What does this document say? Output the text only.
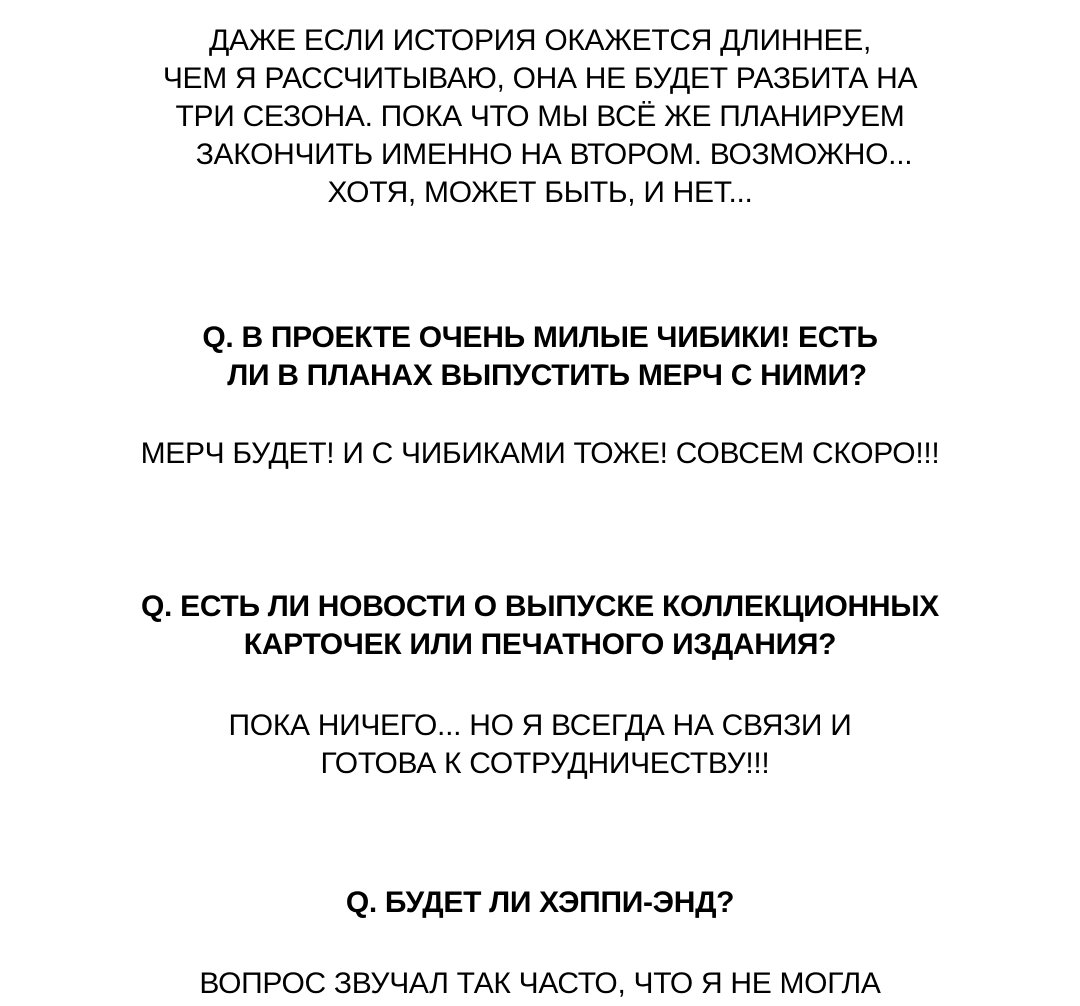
ДАЖЕ ЕСЛИ ИСТОРИЯ ОКАЖЕТСЯ ДЛИННЕЕ,
ЧЕМ Я РАССЧИТЫВАЮ, ОНА НЕ БУДЕТ РАЗБИТА НА
ТРИ СЕЗОНА. ПОКА ЧТО МЫ ВСЁ ЖЕ ПЛАНИРУЕМ
ЗАКОНЧИТЬ ИМЕННО НА ВТОРОМ. ВОЗМОЖНО...
ХОТЯ, МОЖЕТ БЫТЬ, И НЕТ...
Q. В ПРОЕКТЕ ОЧЕНЬ МИЛЫЕ ЧИБИКИ! ЕСТЬ
ЛИ В ПЛАНАХ ВЫПУСТИТЬ МЕРЧ С НИМИ?
МЕРЧ БУДЕТ! И С ЧИБИКАМИ ТОЖЕ! СОВСЕМ СКОРО!!!
Q. ЕСТЬ ЛИ НОВОСТИ О ВЫПУСКЕ КОЛЛЕКЦИОННЫХ
КАРТОЧЕК ИЛИ ПЕЧАТНОГО ИЗДАНИЯ?
ПОКА НИЧЕГО... НО Я ВСЕГДА НА СВЯЗИ И
ГОТОВА К СОТРУДНИЧЕСТВУ!!!
Q. БУДЕТ ЛИ ХЭППИ-ЭНД?
ВОПРОС ЗВУЧАЛ ТАК ЧАСТО, ЧТО Я НЕ МОГЛА
